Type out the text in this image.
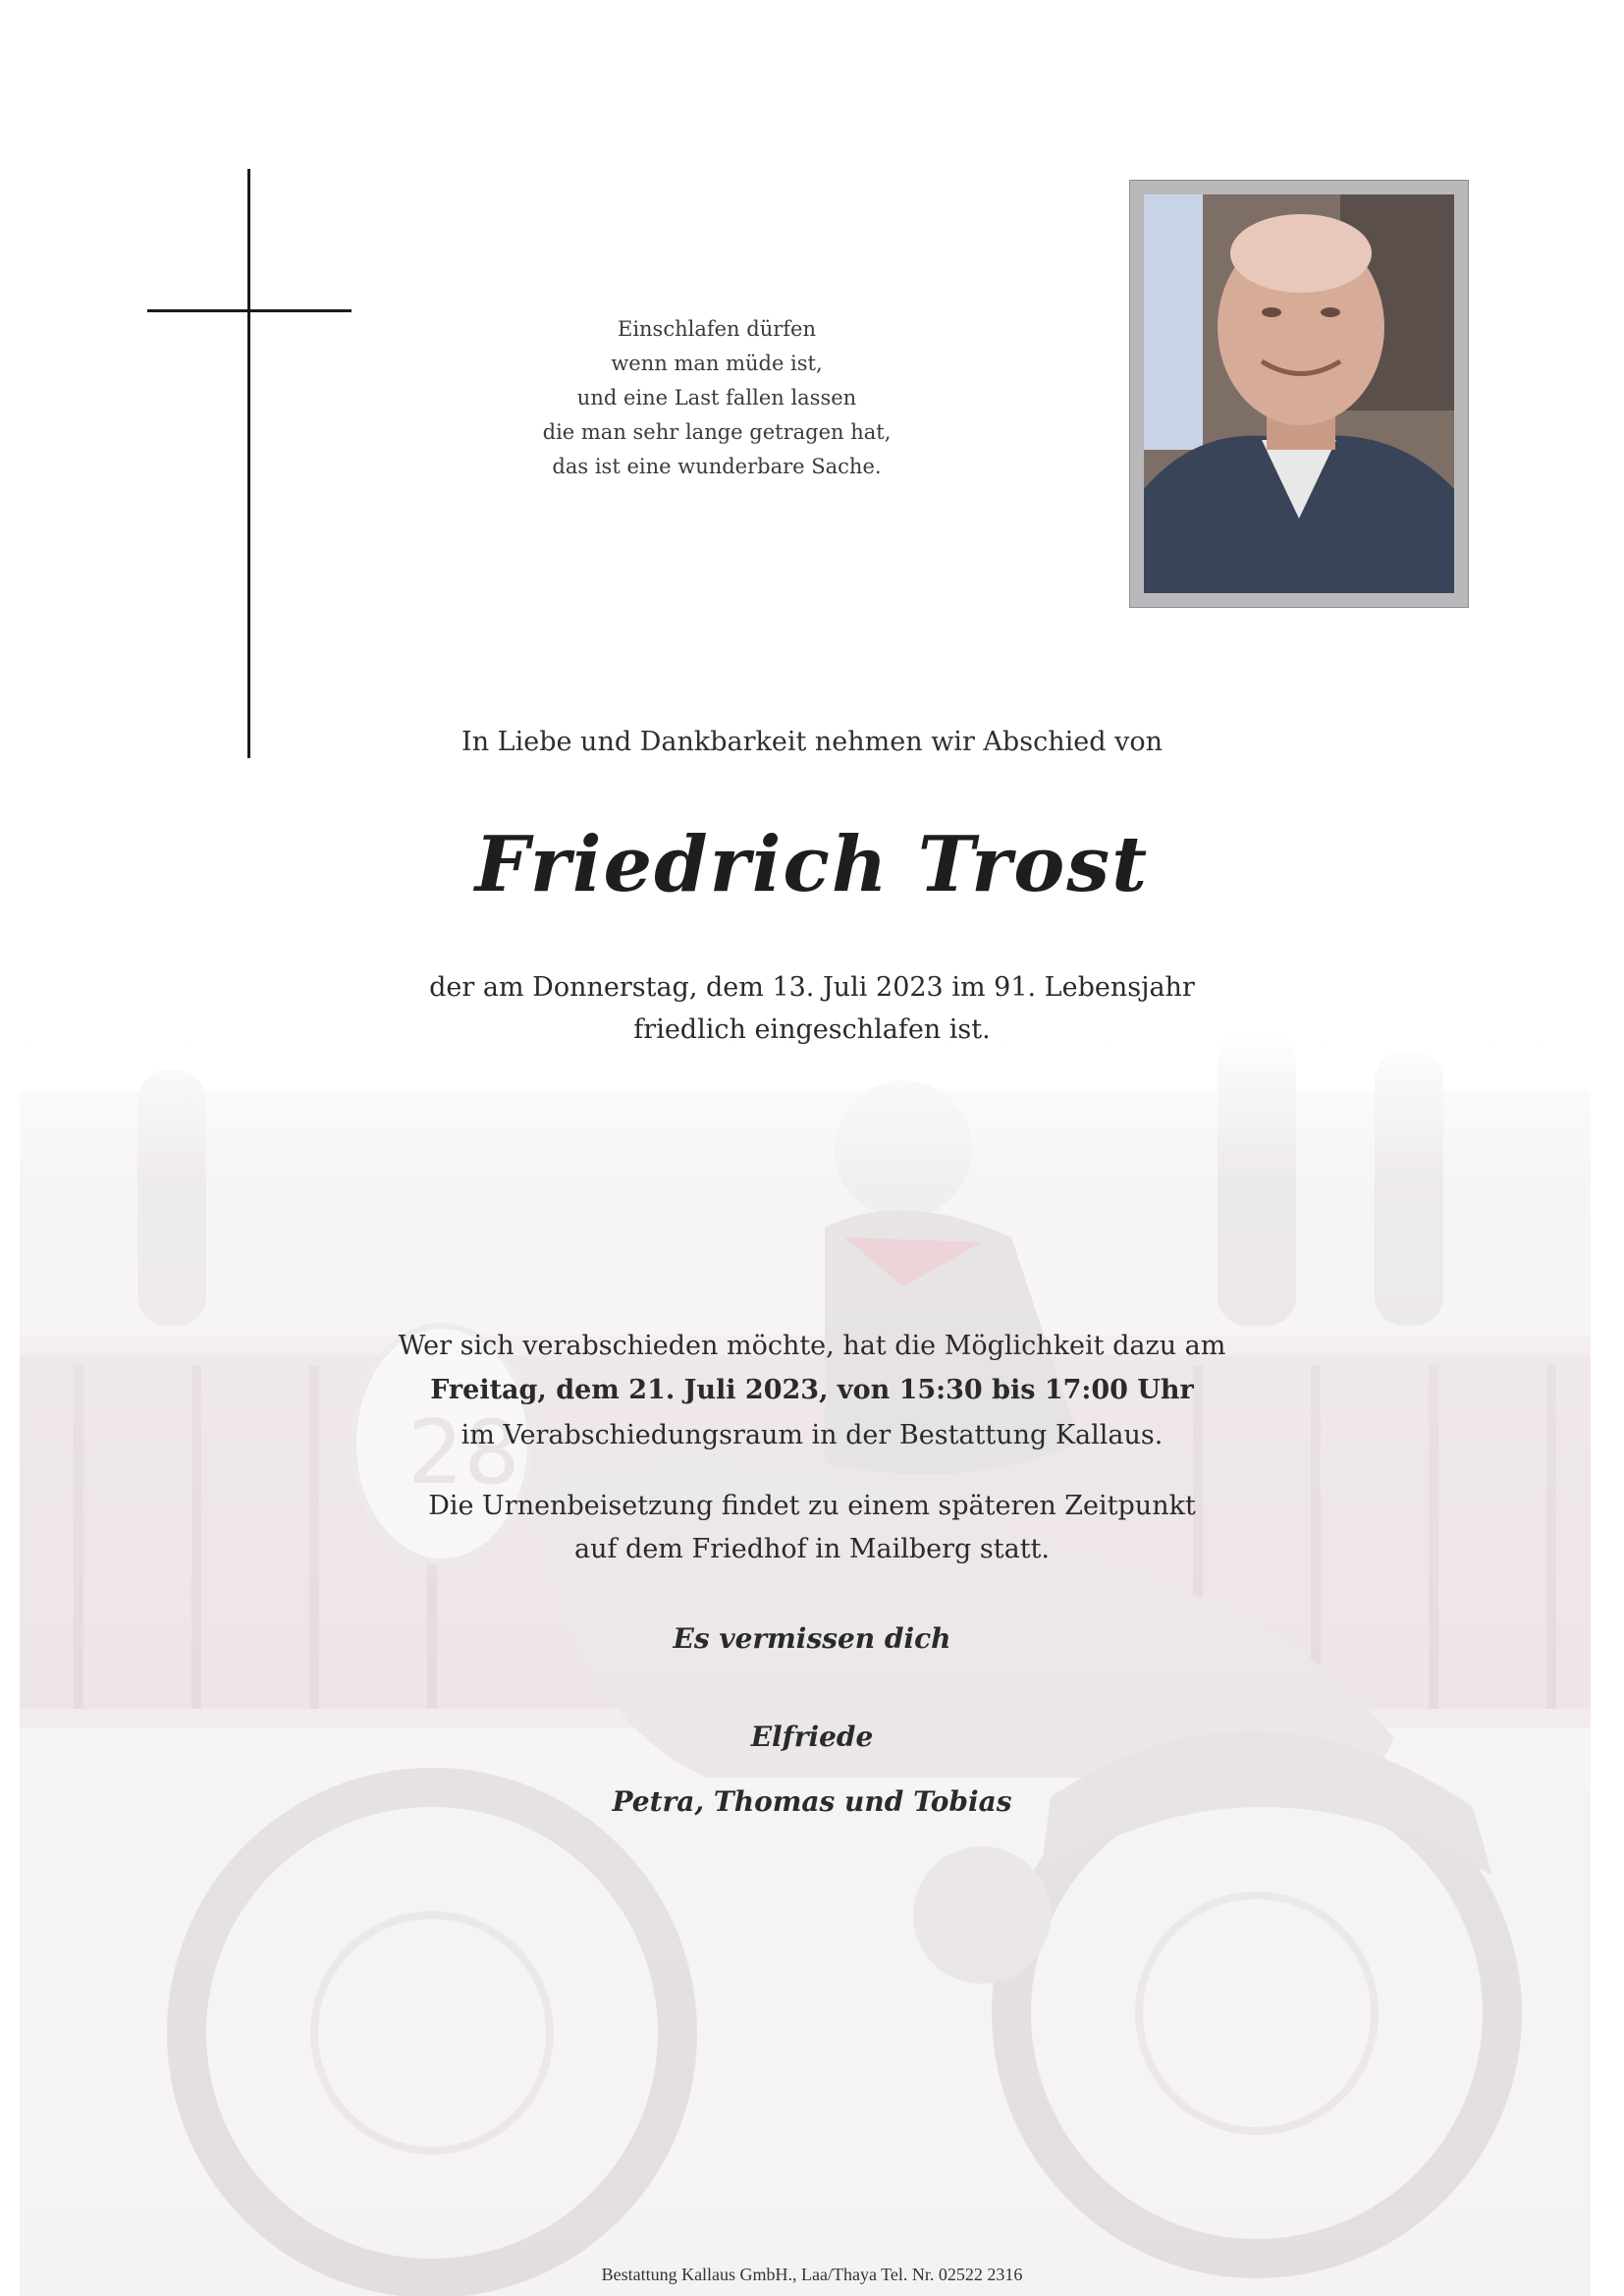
Einschlafen dürfen
wenn man müde ist,
und eine Last fallen lassen
die man sehr lange getragen hat,
das ist eine wunderbare Sache.
In Liebe und Dankbarkeit nehmen wir Abschied von
Friedrich Trost
der am Donnerstag, dem 13. Juli 2023 im 91. Lebensjahr
friedlich eingeschlafen ist.
Wer sich verabschieden möchte, hat die Möglichkeit dazu am
Freitag, dem 21. Juli 2023, von 15:30 bis 17:00 Uhr
im Verabschiedungsraum in der Bestattung Kallaus.
Die Urnenbeisetzung findet zu einem späteren Zeitpunkt
auf dem Friedhof in Mailberg statt.
Es vermissen dich
Elfriede
Petra, Thomas und Tobias
Bestattung Kallaus GmbH., Laa/Thaya Tel. Nr. 02522 2316
